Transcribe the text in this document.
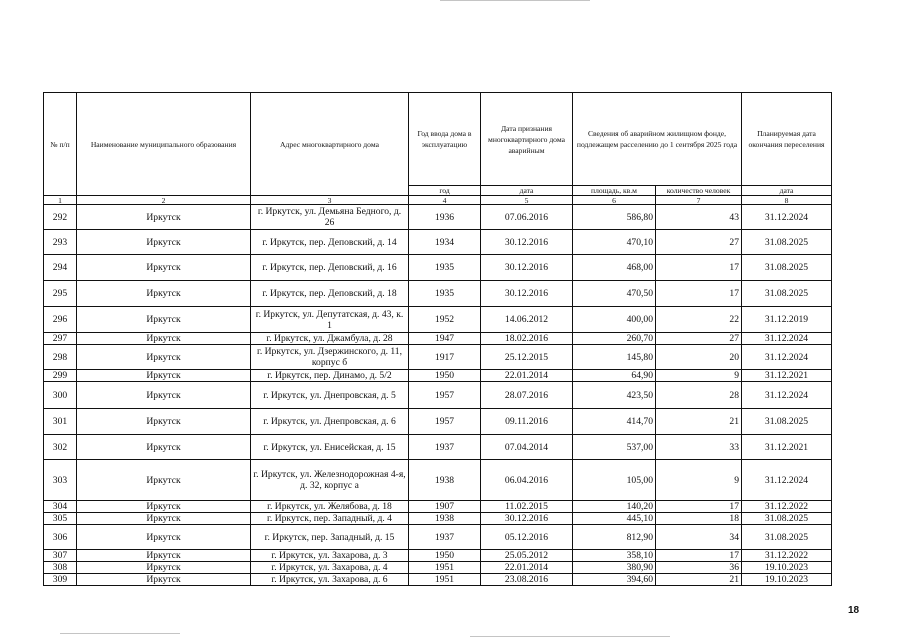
№ п/п	Наименование муниципального образования	Адрес многоквартирного дома	Год ввода дома в эксплуатацию	Дата признания многоквартирного дома аварийным	Сведения об аварийном жилищном фонде, подлежащем расселению до 1 сентября 2025 года		Планируемая дата окончания переселения
			год	дата	площадь, кв.м	количество человек	дата
1	2	3	4	5	6	7	8
292	Иркутск	г. Иркутск, ул. Демьяна Бедного, д. 26	1936	07.06.2016	586,80	43	31.12.2024
293	Иркутск	г. Иркутск, пер. Деповский, д. 14	1934	30.12.2016	470,10	27	31.08.2025
294	Иркутск	г. Иркутск, пер. Деповский, д. 16	1935	30.12.2016	468,00	17	31.08.2025
295	Иркутск	г. Иркутск, пер. Деповский, д. 18	1935	30.12.2016	470,50	17	31.08.2025
296	Иркутск	г. Иркутск, ул. Депутатская, д. 43, к. 1	1952	14.06.2012	400,00	22	31.12.2019
297	Иркутск	г. Иркутск, ул. Джамбула, д. 28	1947	18.02.2016	260,70	27	31.12.2024
298	Иркутск	г. Иркутск, ул. Дзержинского, д. 11, корпус б	1917	25.12.2015	145,80	20	31.12.2024
299	Иркутск	г. Иркутск, пер. Динамо, д. 5/2	1950	22.01.2014	64,90	9	31.12.2021
300	Иркутск	г. Иркутск, ул. Днепровская, д. 5	1957	28.07.2016	423,50	28	31.12.2024
301	Иркутск	г. Иркутск, ул. Днепровская, д. 6	1957	09.11.2016	414,70	21	31.08.2025
302	Иркутск	г. Иркутск, ул. Енисейская, д. 15	1937	07.04.2014	537,00	33	31.12.2021
303	Иркутск	г. Иркутск, ул. Железнодорожная 4-я, д. 32, корпус а	1938	06.04.2016	105,00	9	31.12.2024
304	Иркутск	г. Иркутск, ул. Желябова, д. 18	1907	11.02.2015	140,20	17	31.12.2022
305	Иркутск	г. Иркутск, пер. Западный, д. 4	1938	30.12.2016	445,10	18	31.08.2025
306	Иркутск	г. Иркутск, пер. Западный, д. 15	1937	05.12.2016	812,90	34	31.08.2025
307	Иркутск	г. Иркутск, ул. Захарова, д. 3	1950	25.05.2012	358,10	17	31.12.2022
308	Иркутск	г. Иркутск, ул. Захарова, д. 4	1951	22.01.2014	380,90	36	19.10.2023
309	Иркутск	г. Иркутск, ул. Захарова, д. 6	1951	23.08.2016	394,60	21	19.10.2023
18
